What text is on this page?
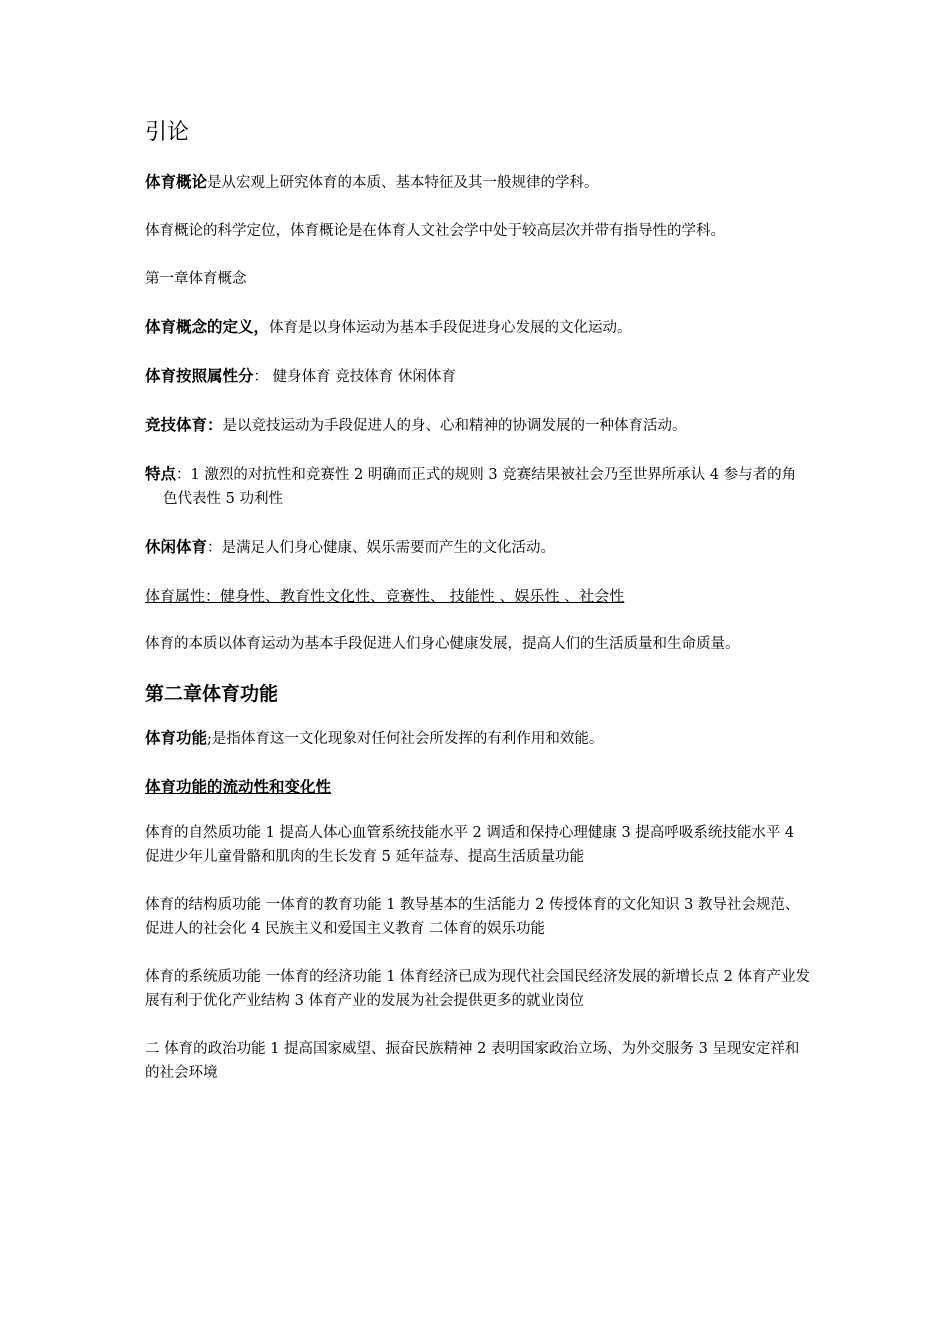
引论

体育概论是从宏观上研究体育的本质、基本特征及其一般规律的学科。

体育概论的科学定位，体育概论是在体育人文社会学中处于较高层次并带有指导性的学科。

第一章体育概念

体育概念的定义，体育是以身体运动为基本手段促进身心发展的文化运动。

体育按照属性分： 健身体育 竞技体育 休闲体育

竞技体育：是以竞技运动为手段促进人的身、心和精神的协调发展的一种体育活动。

特点：1 激烈的对抗性和竞赛性 2 明确而正式的规则 3 竞赛结果被社会乃至世界所承认 4 参与者的角色代表性 5 功利性

休闲体育：是满足人们身心健康、娱乐需要而产生的文化活动。

体育属性：健身性、教育性文化性、竞赛性、 技能性 、娱乐性 、社会性

体育的本质以体育运动为基本手段促进人们身心健康发展，提高人们的生活质量和生命质量。

第二章体育功能

体育功能;是指体育这一文化现象对任何社会所发挥的有利作用和效能。

体育功能的流动性和变化性

体育的自然质功能 1 提高人体心血管系统技能水平 2 调适和保持心理健康 3 提高呼吸系统技能水平 4 促进少年儿童骨骼和肌肉的生长发育 5 延年益寿、提高生活质量功能

体育的结构质功能 一体育的教育功能 1 教导基本的生活能力 2 传授体育的文化知识 3 教导社会规范、促进人的社会化 4 民族主义和爱国主义教育 二体育的娱乐功能

体育的系统质功能 一体育的经济功能 1 体育经济已成为现代社会国民经济发展的新增长点 2 体育产业发展有利于优化产业结构 3 体育产业的发展为社会提供更多的就业岗位

二 体育的政治功能 1 提高国家威望、振奋民族精神 2 表明国家政治立场、为外交服务 3 呈现安定祥和的社会环境
